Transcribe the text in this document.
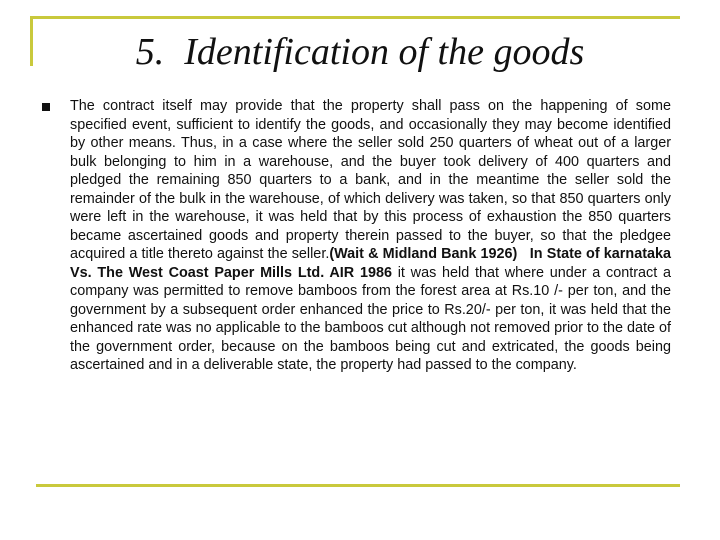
5. Identification of the goods

The contract itself may provide that the property shall pass on the happening of some specified event, sufficient to identify the goods, and occasionally they may become identified by other means. Thus, in a case where the seller sold 250 quarters of wheat out of a larger bulk belonging to him in a warehouse, and the buyer took delivery of 400 quarters and pledged the remaining 850 quarters to a bank, and in the meantime the seller sold the remainder of the bulk in the warehouse, of which delivery was taken, so that 850 quarters only were left in the warehouse, it was held that by this process of exhaustion the 850 quarters became ascertained goods and property therein passed to the buyer, so that the pledgee acquired a title thereto against the seller.(Wait & Midland Bank 1926) In State of karnataka Vs. The West Coast Paper Mills Ltd. AIR 1986 it was held that where under a contract a company was permitted to remove bamboos from the forest area at Rs.10 /- per ton, and the government by a subsequent order enhanced the price to Rs.20/- per ton, it was held that the enhanced rate was no applicable to the bamboos cut although not removed prior to the date of the government order, because on the bamboos being cut and extricated, the goods being ascertained and in a deliverable state, the property had passed to the company.
